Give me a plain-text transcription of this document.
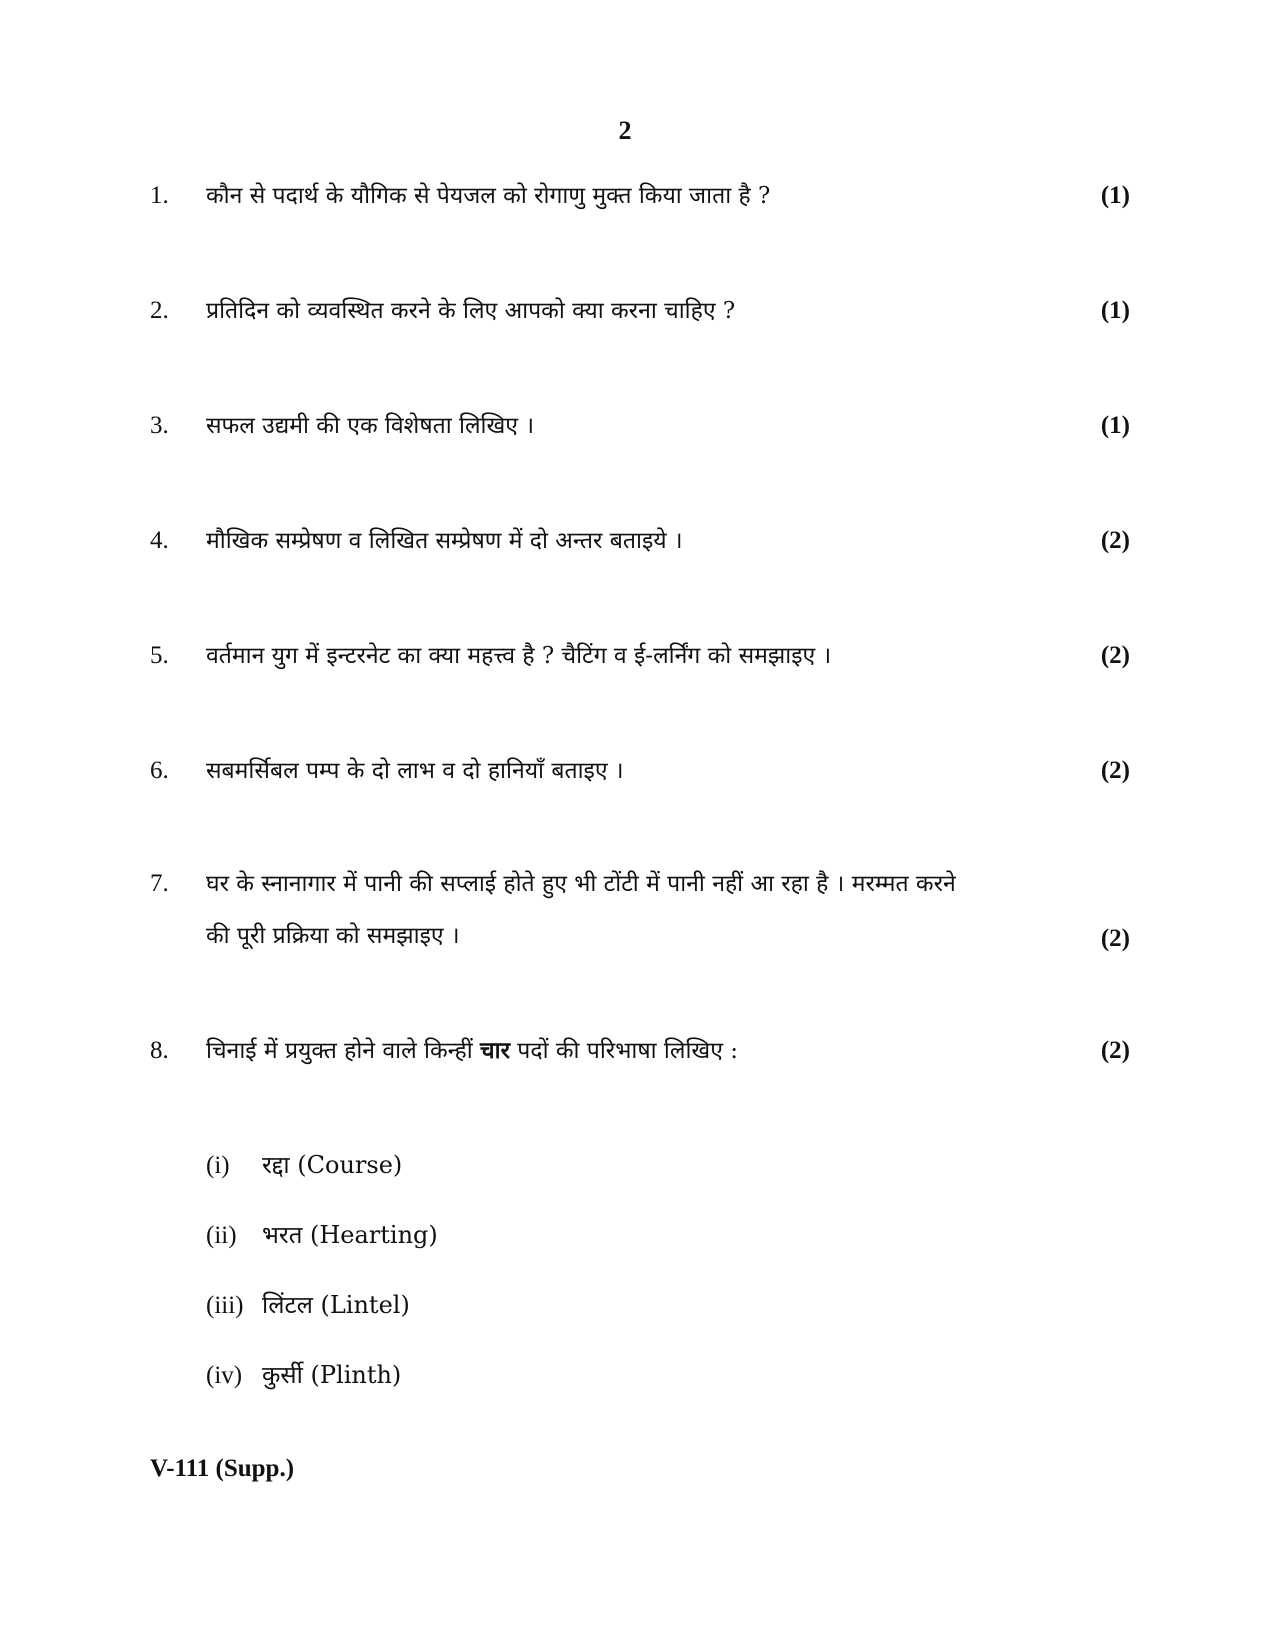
2
1. कौन से पदार्थ के यौगिक से पेयजल को रोगाणु मुक्त किया जाता है ?	(1)
2. प्रतिदिन को व्यवस्थित करने के लिए आपको क्या करना चाहिए ?	(1)
3. सफल उद्यमी की एक विशेषता लिखिए ।	(1)
4. मौखिक सम्प्रेषण व लिखित सम्प्रेषण में दो अन्तर बताइये ।	(2)
5. वर्तमान युग में इन्टरनेट का क्या महत्त्व है ? चैटिंग व ई-लर्निंग को समझाइए ।	(2)
6. सबमर्सिबल पम्प के दो लाभ व दो हानियाँ बताइए ।	(2)
7. घर के स्नानागार में पानी की सप्लाई होते हुए भी टोंटी में पानी नहीं आ रहा है । मरम्मत करने की पूरी प्रक्रिया को समझाइए ।	(2)
8. चिनाई में प्रयुक्त होने वाले किन्हीं चार पदों की परिभाषा लिखिए :	(2)
(i) रद्दा (Course)
(ii) भरत (Hearting)
(iii) लिंटल (Lintel)
(iv) कुर्सी (Plinth)
V-111 (Supp.)
